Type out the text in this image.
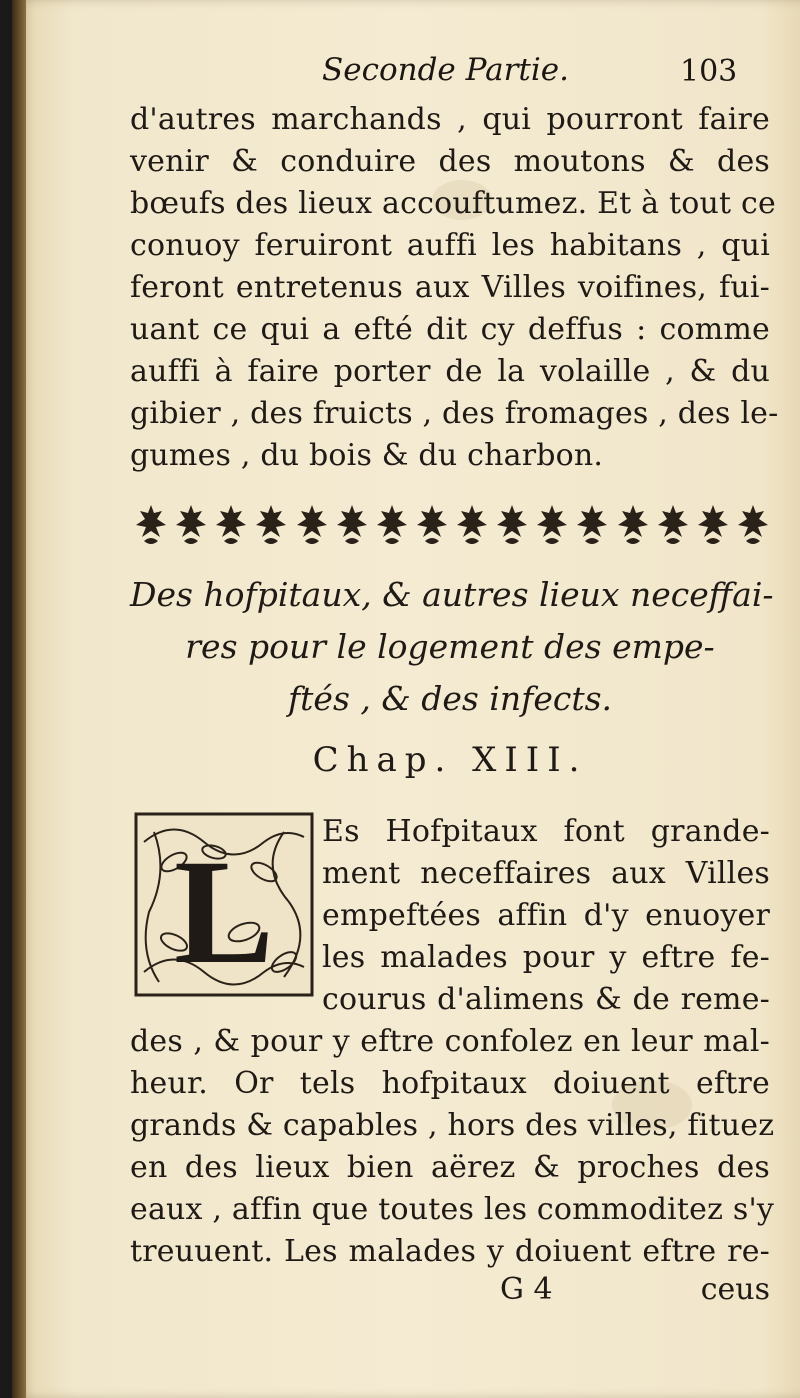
Seconde Partie.	103
d'autres marchands , qui pourront faire
venir & conduire des moutons & des
bœufs des lieux accouftumez. Et à tout ce
conuoy feruiront auffi les habitans , qui
feront entretenus aux Villes voifines, fui-
uant ce qui a efté dit cy deffus : comme
auffi à faire porter de la volaille , & du
gibier , des fruicts , des fromages , des le-
gumes , du bois & du charbon.
Des hofpitaux, & autres lieux neceffai-
res pour le logement des empe-
ftés , & des infects.
Chap. XIII.
L Es Hofpitaux font grande-
ment neceffaires aux Villes
empeftées affin d'y enuoyer
les malades pour y eftre fe-
courus d'alimens & de reme-
des , & pour y eftre confolez en leur mal-
heur. Or tels hofpitaux doiuent eftre
grands & capables , hors des villes, fituez
en des lieux bien aërez & proches des
eaux , affin que toutes les commoditez s'y
treuuent. Les malades y doiuent eftre re-
G 4	ceus
